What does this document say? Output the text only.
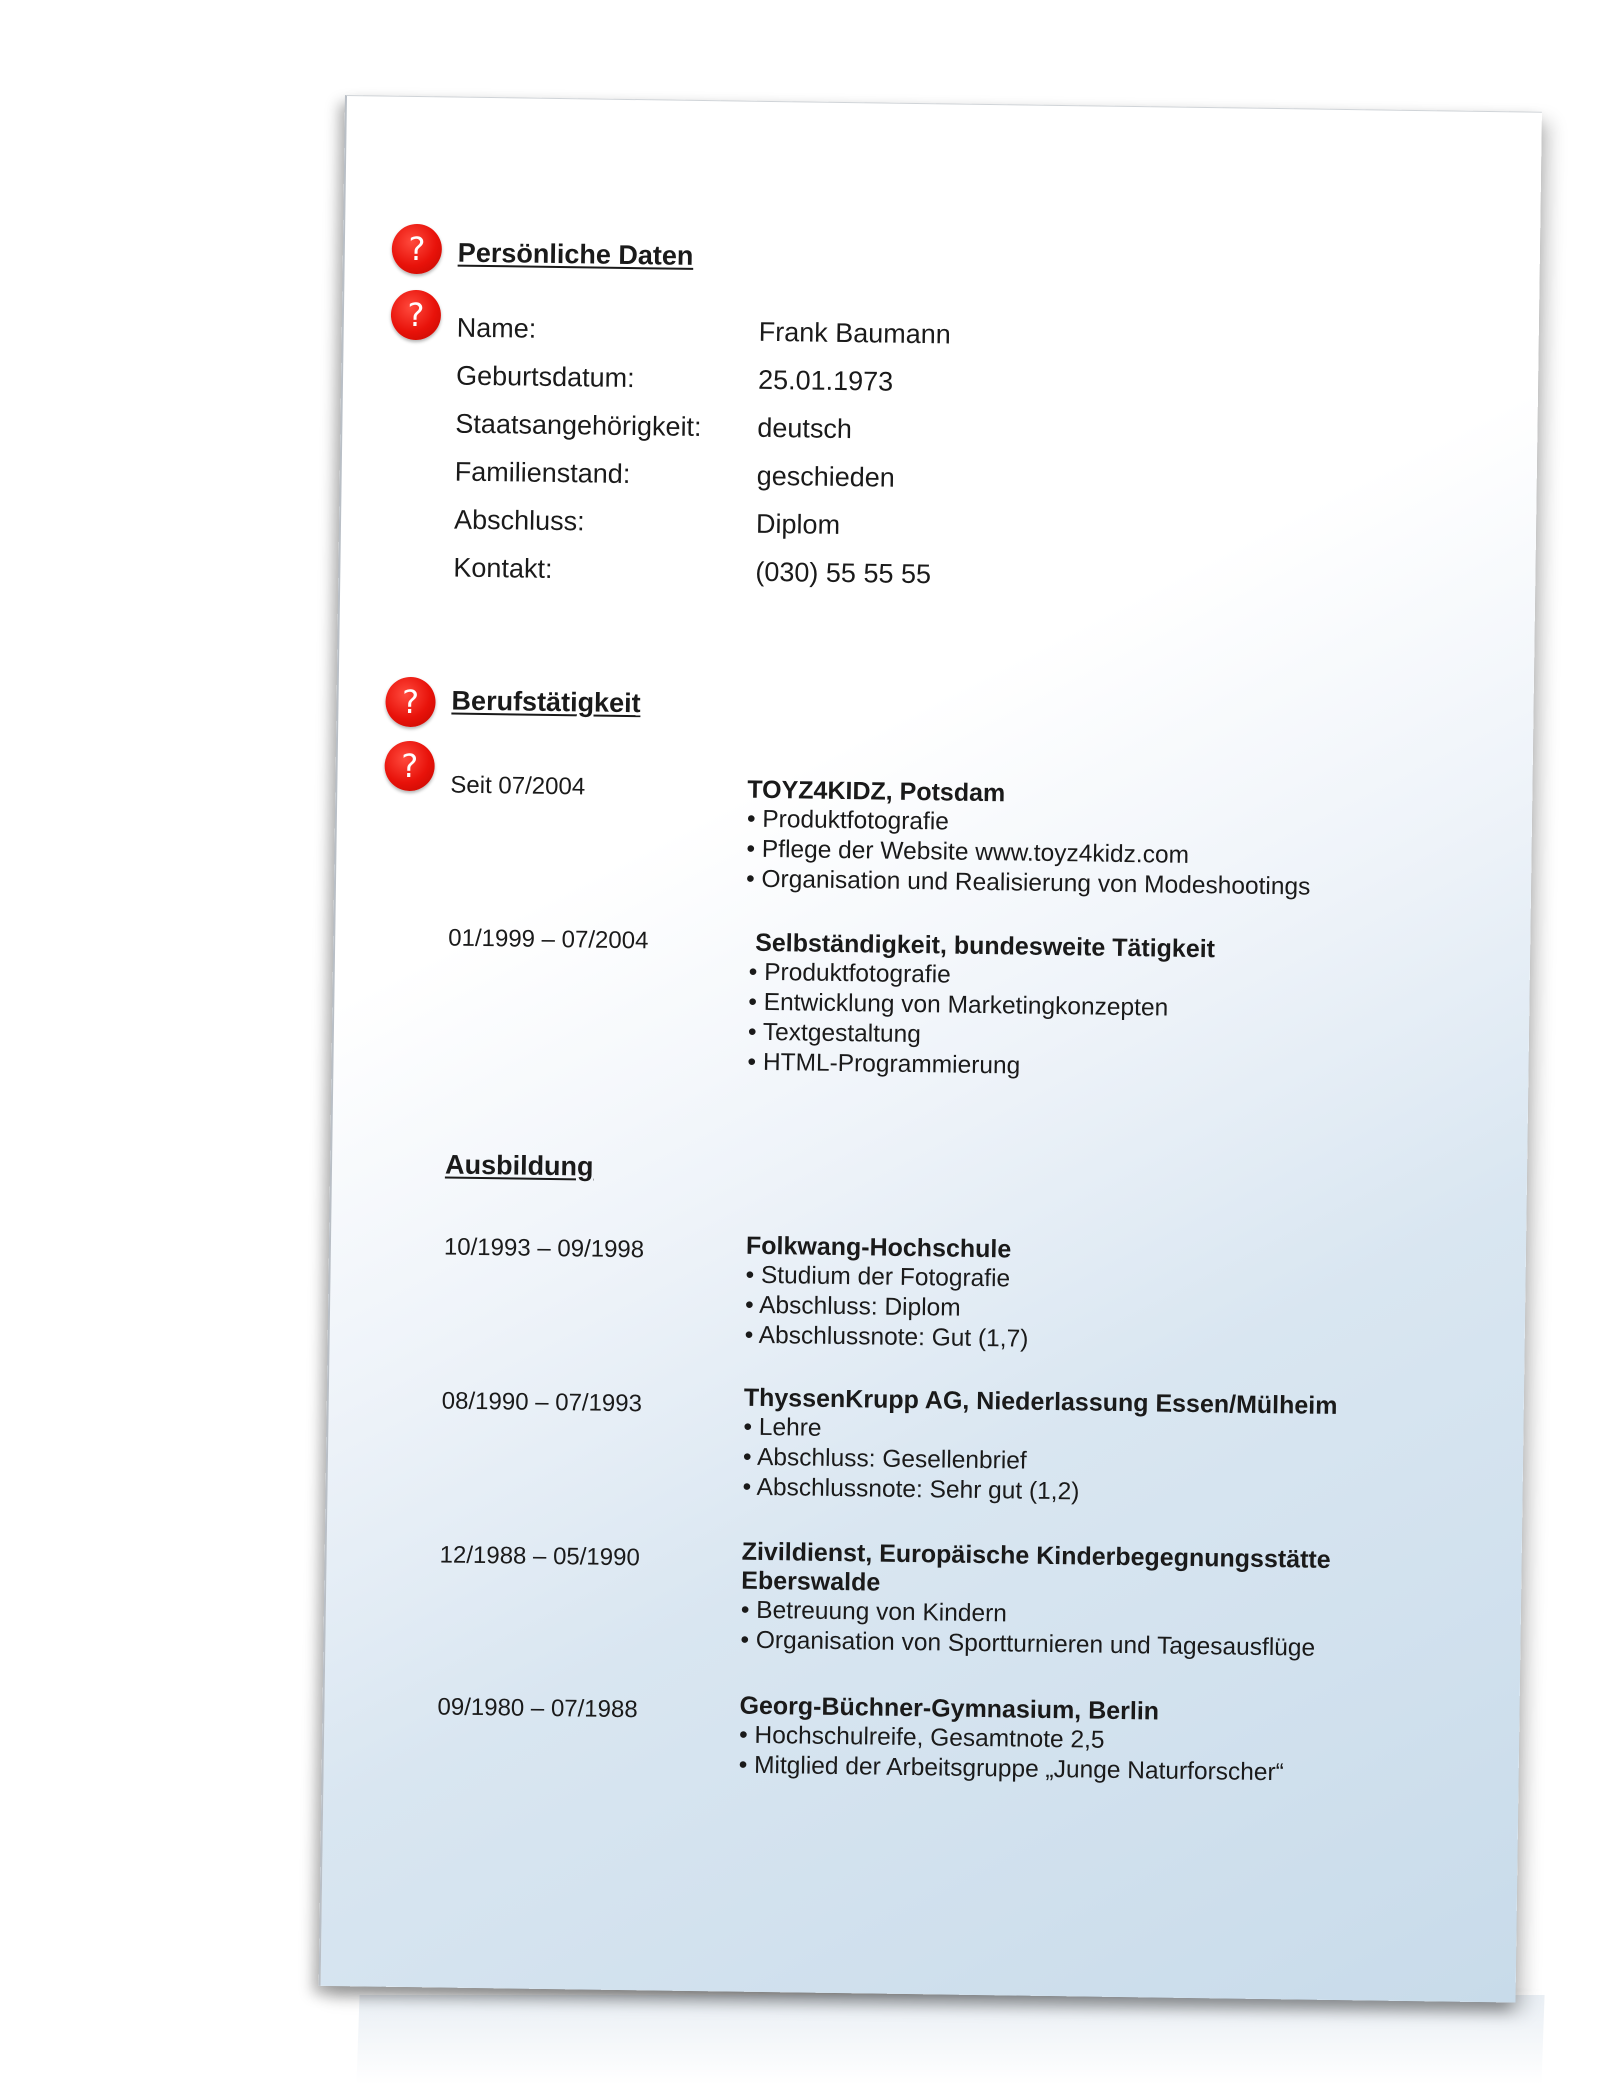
?
?
?
?
Persönliche Daten
Name:	Frank Baumann
Geburtsdatum:	25.01.1973
Staatsangehörigkeit: deutsch
Familienstand:	geschieden
Abschluss:	Diplom
Kontakt:	(030) 55 55 55
Berufstätigkeit
Seit 07/2004	TOYZ4KIDZ, Potsdam
• Produktfotografie
• Pflege der Website www.toyz4kidz.com
• Organisation und Realisierung von Modeshootings
01/1999 – 07/2004	Selbständigkeit, bundesweite Tätigkeit
• Produktfotografie
• Entwicklung von Marketingkonzepten
• Textgestaltung
• HTML-Programmierung
Ausbildung
10/1993 – 09/1998	Folkwang-Hochschule
• Studium der Fotografie
• Abschluss: Diplom
• Abschlussnote: Gut (1,7)
08/1990 – 07/1993	ThyssenKrupp AG, Niederlassung Essen/Mülheim
• Lehre
• Abschluss: Gesellenbrief
• Abschlussnote: Sehr gut (1,2)
12/1988 – 05/1990	Zivildienst, Europäische Kinderbegegnungsstätte
Eberswalde
• Betreuung von Kindern
• Organisation von Sportturnieren und Tagesausflüge
09/1980 – 07/1988	Georg-Büchner-Gymnasium, Berlin
• Hochschulreife, Gesamtnote 2,5
• Mitglied der Arbeitsgruppe „Junge Naturforscher“
